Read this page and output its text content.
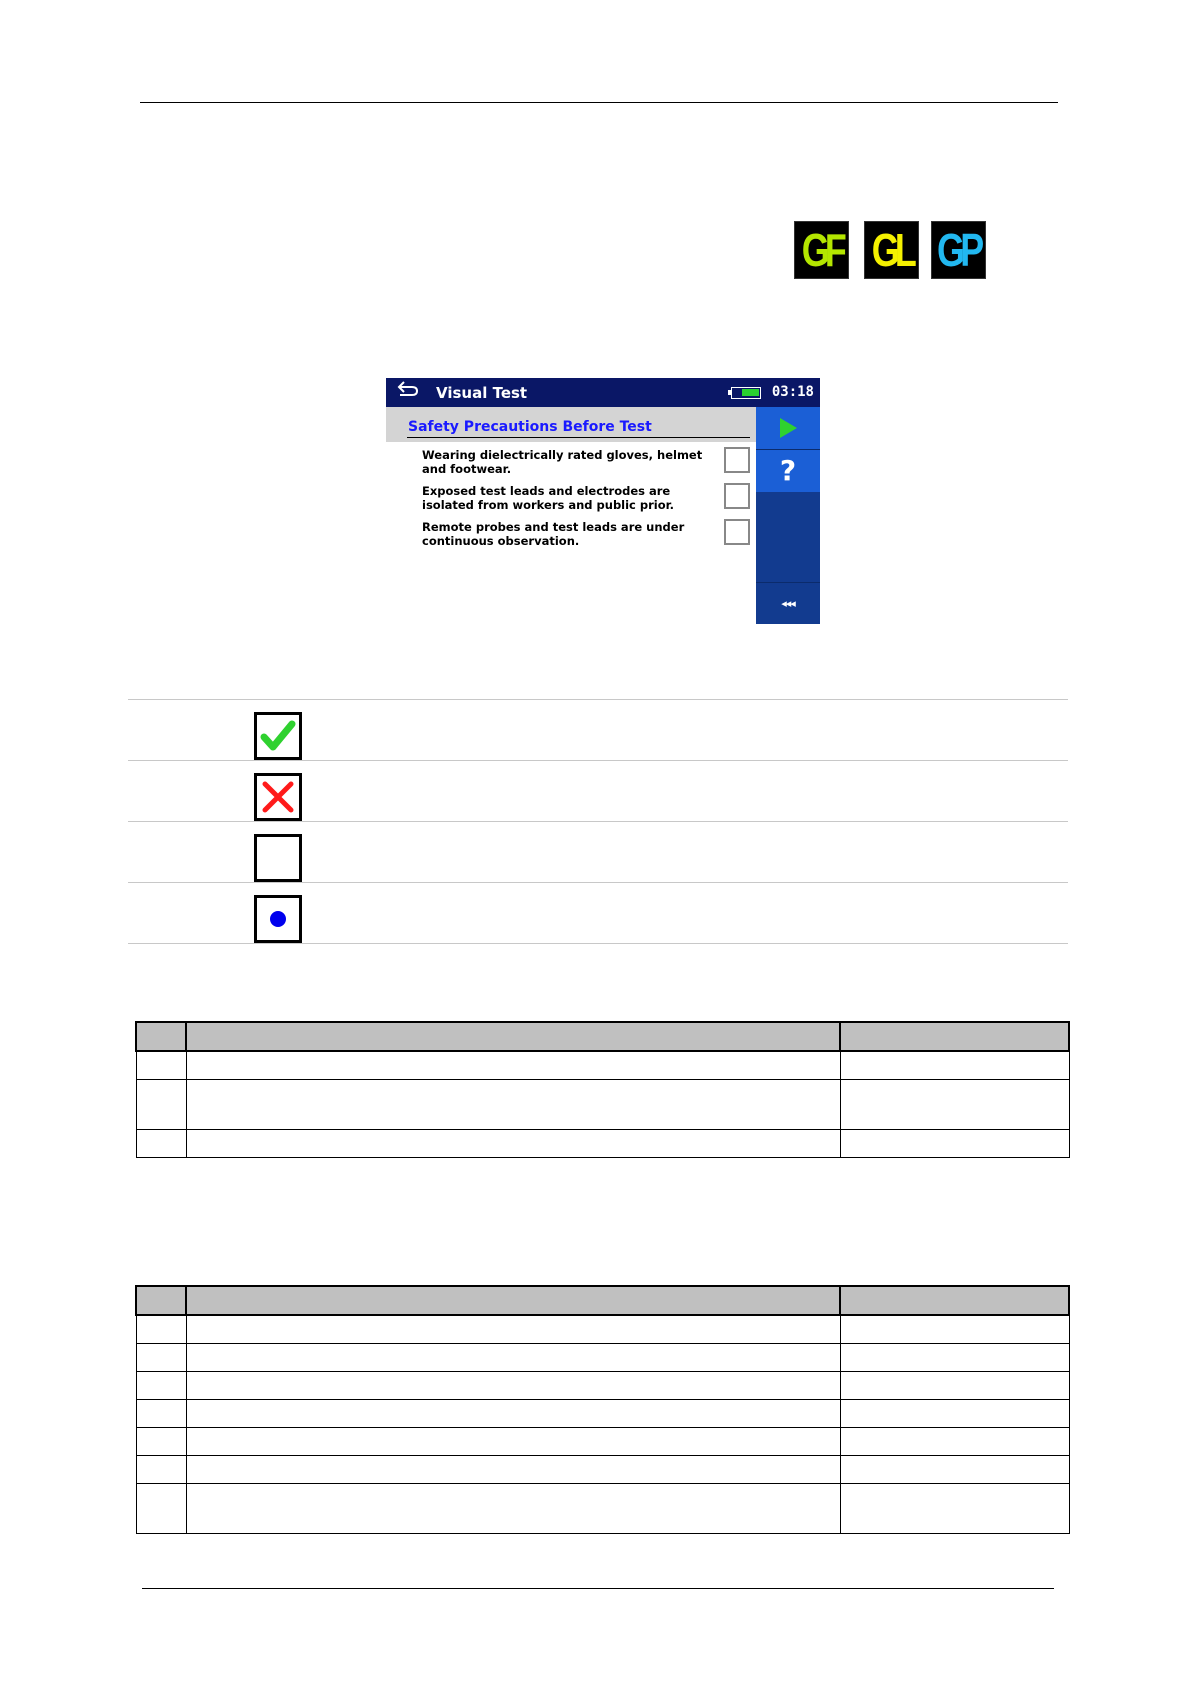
GF GL GP
Visual Test	03:18
Safety Precautions Before Test
Wearing dielectrically rated gloves, helmet
and footwear.
Exposed test leads and electrodes are
isolated from workers and public prior.
Remote probes and test leads are under
continuous observation.
?
◂◂◂
